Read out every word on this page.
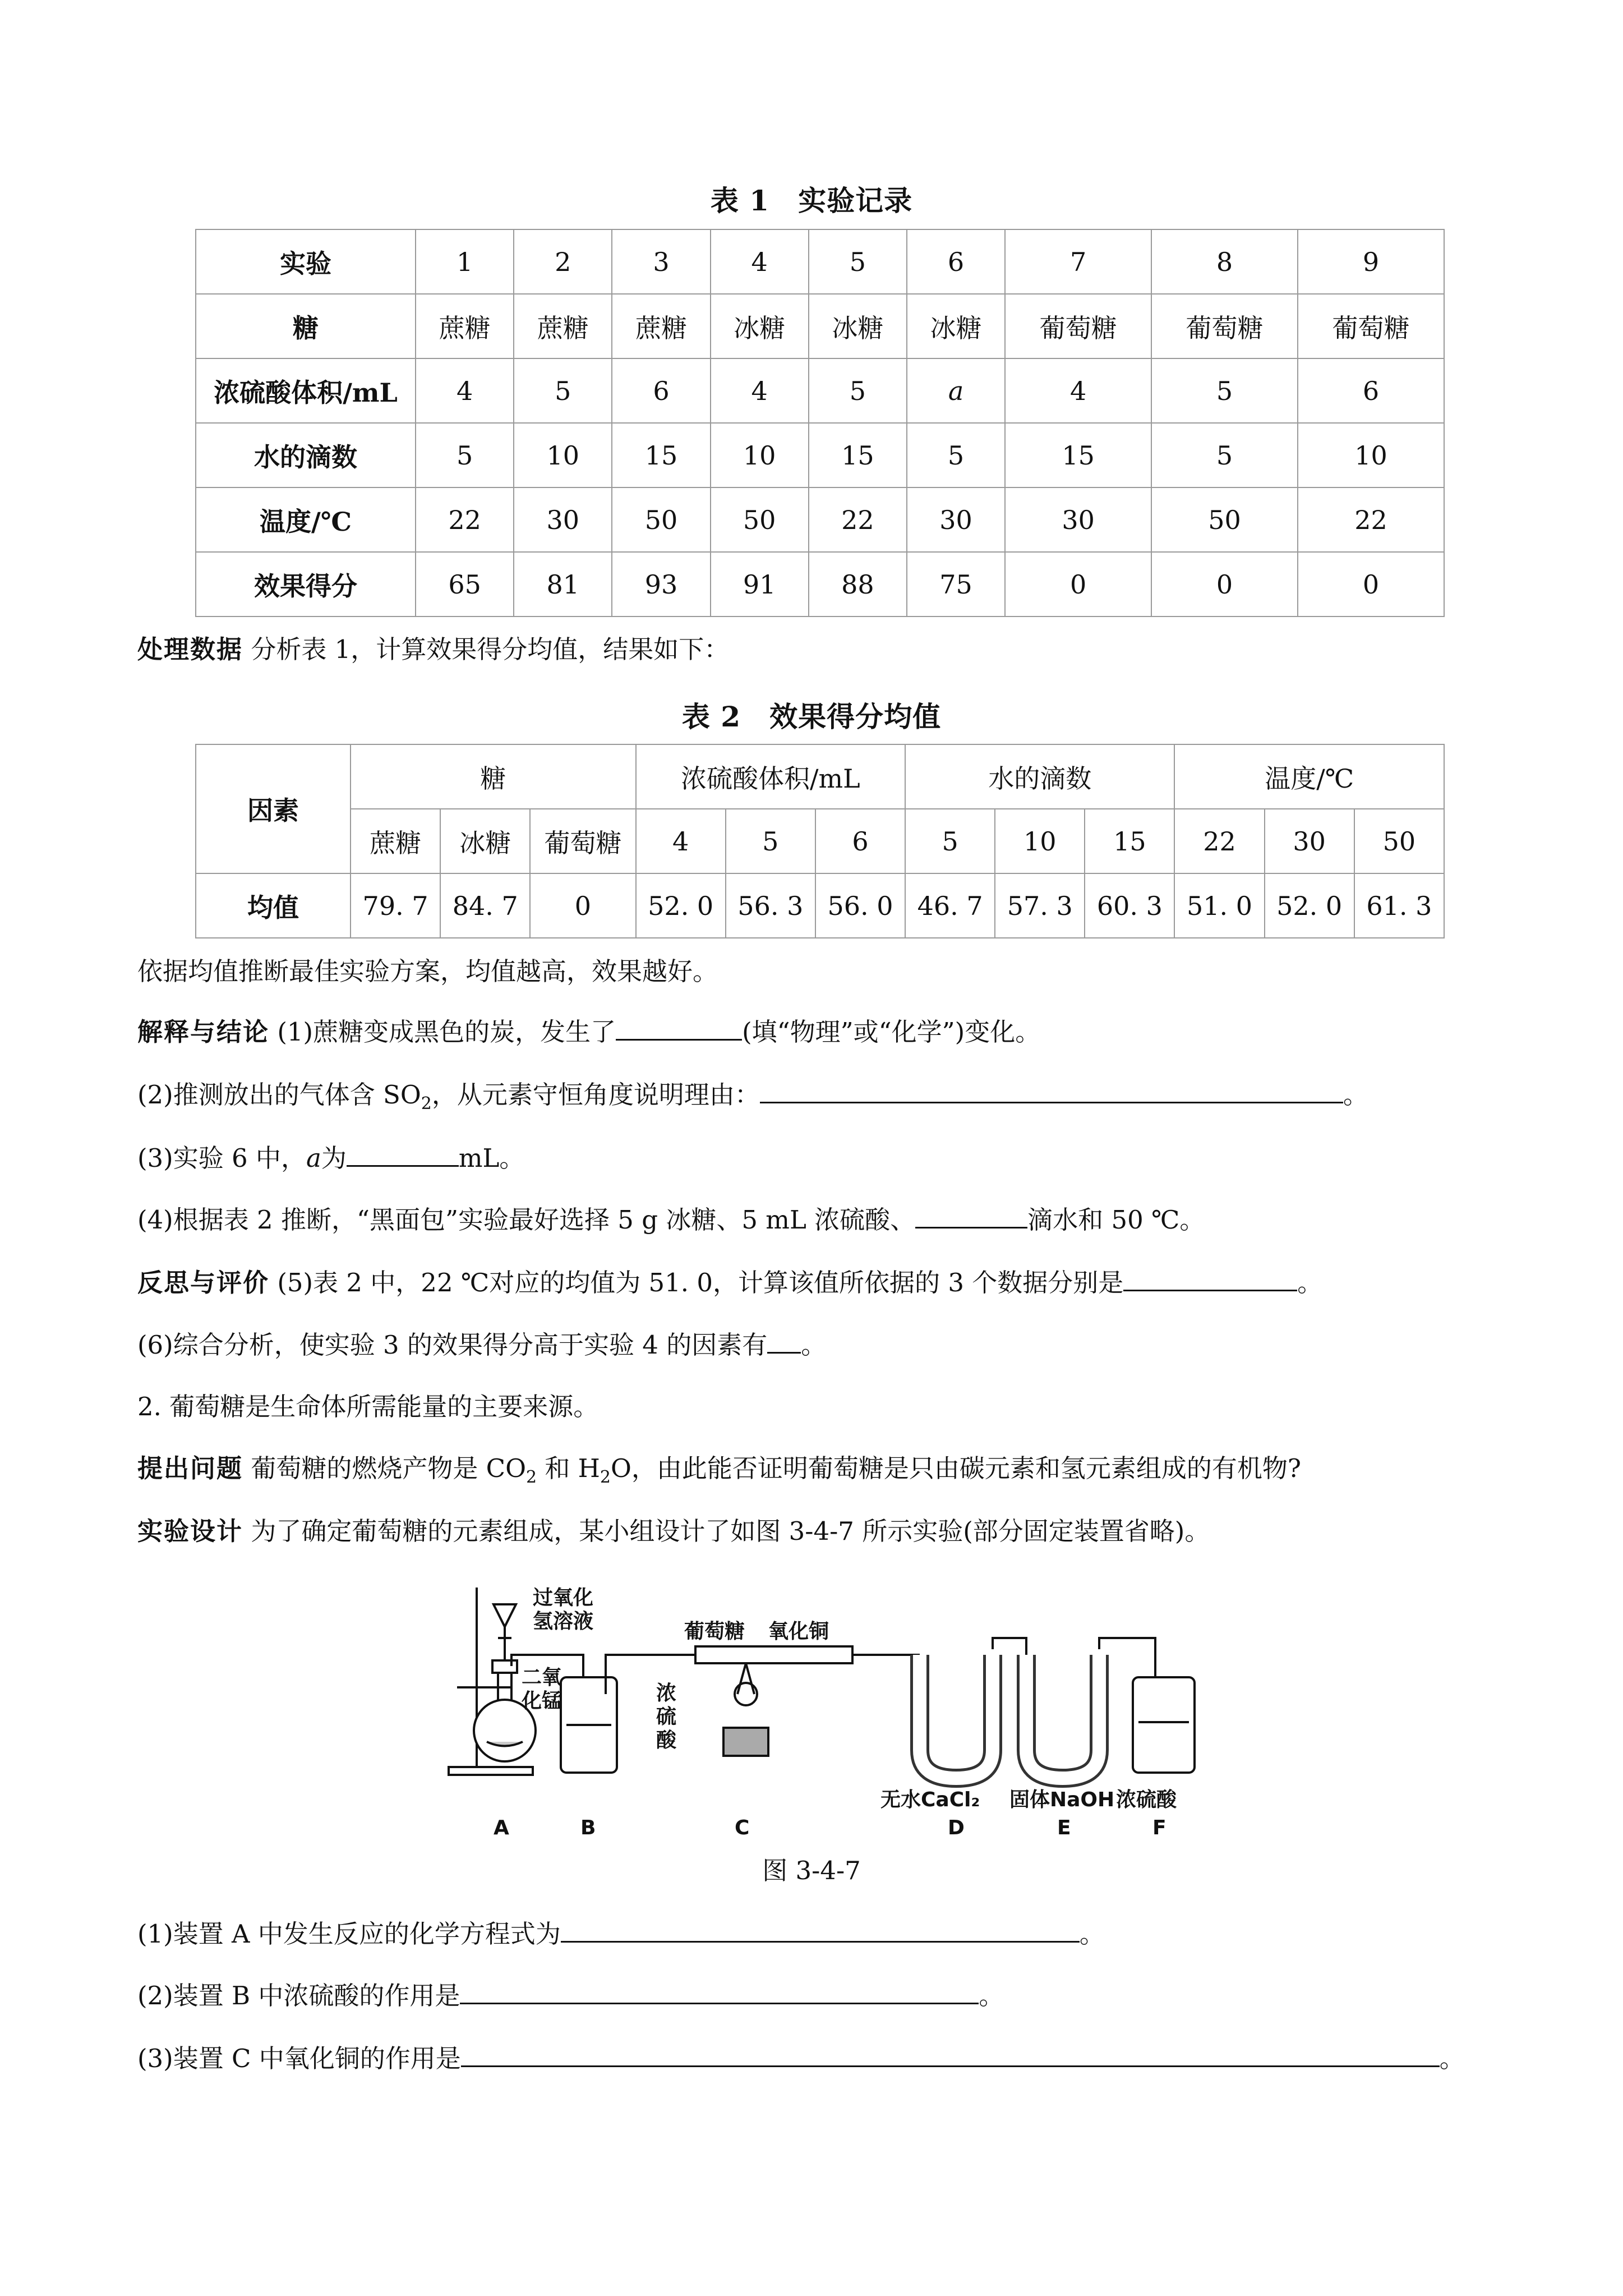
表 1　实验记录
实验	1	2	3	4	5	6	7	8	9
糖	蔗糖	蔗糖	蔗糖	冰糖	冰糖	冰糖	葡萄糖	葡萄糖	葡萄糖
浓硫酸体积/mL	4	5	6	4	5	a	4	5	6
水的滴数	5	10	15	10	15	5	15	5	10
温度/℃	22	30	50	50	22	30	30	50	22
效果得分	65	81	93	91	88	75	0	0	0
处理数据 分析表 1，计算效果得分均值，结果如下：
表 2　效果得分均值
因素	糖			浓硫酸体积/mL			水的滴数			温度/℃		
	蔗糖	冰糖	葡萄糖	4	5	6	5	10	15	22	30	50
均值	79. 7	84. 7	0	52. 0	56. 3	56. 0	46. 7	57. 3	60. 3	51. 0	52. 0	61. 3
依据均值推断最佳实验方案，均值越高，效果越好。
解释与结论 (1)蔗糖变成黑色的炭，发生了	(填“物理”或“化学”)变化。
(2)推测放出的气体含 $SO_2$，从元素守恒角度说明理由：	。
(3)实验 6 中，a为	mL。
(4)根据表 2 推断，“黑面包”实验最好选择 5 g 冰糖、5 mL 浓硫酸、	滴水和 50 ℃。
反思与评价 (5)表 2 中，22 ℃对应的均值为 51. 0，计算该值所依据的 3 个数据分别是	。
(6)综合分析，使实验 3 的效果得分高于实验 4 的因素有 。
2. 葡萄糖是生命体所需能量的主要来源。
提出问题 葡萄糖的燃烧产物是 $CO_2$ 和 $H_2O$，由此能否证明葡萄糖是只由碳元素和氢元素组成的有机物?
实验设计 为了确定葡萄糖的元素组成，某小组设计了如图 3-4-7 所示实验(部分固定装置省略)。
过氧化
氢溶液
二氧
化锰
葡萄糖 氧化铜
浓
硫
酸
无水CaCl₂ 固体NaOH 浓硫酸
A	B	C	D	E	F
图 3-4-7
(1)装置 A 中发生反应的化学方程式为	。
(2)装置 B 中浓硫酸的作用是	。
(3)装置 C 中氧化铜的作用是	。
